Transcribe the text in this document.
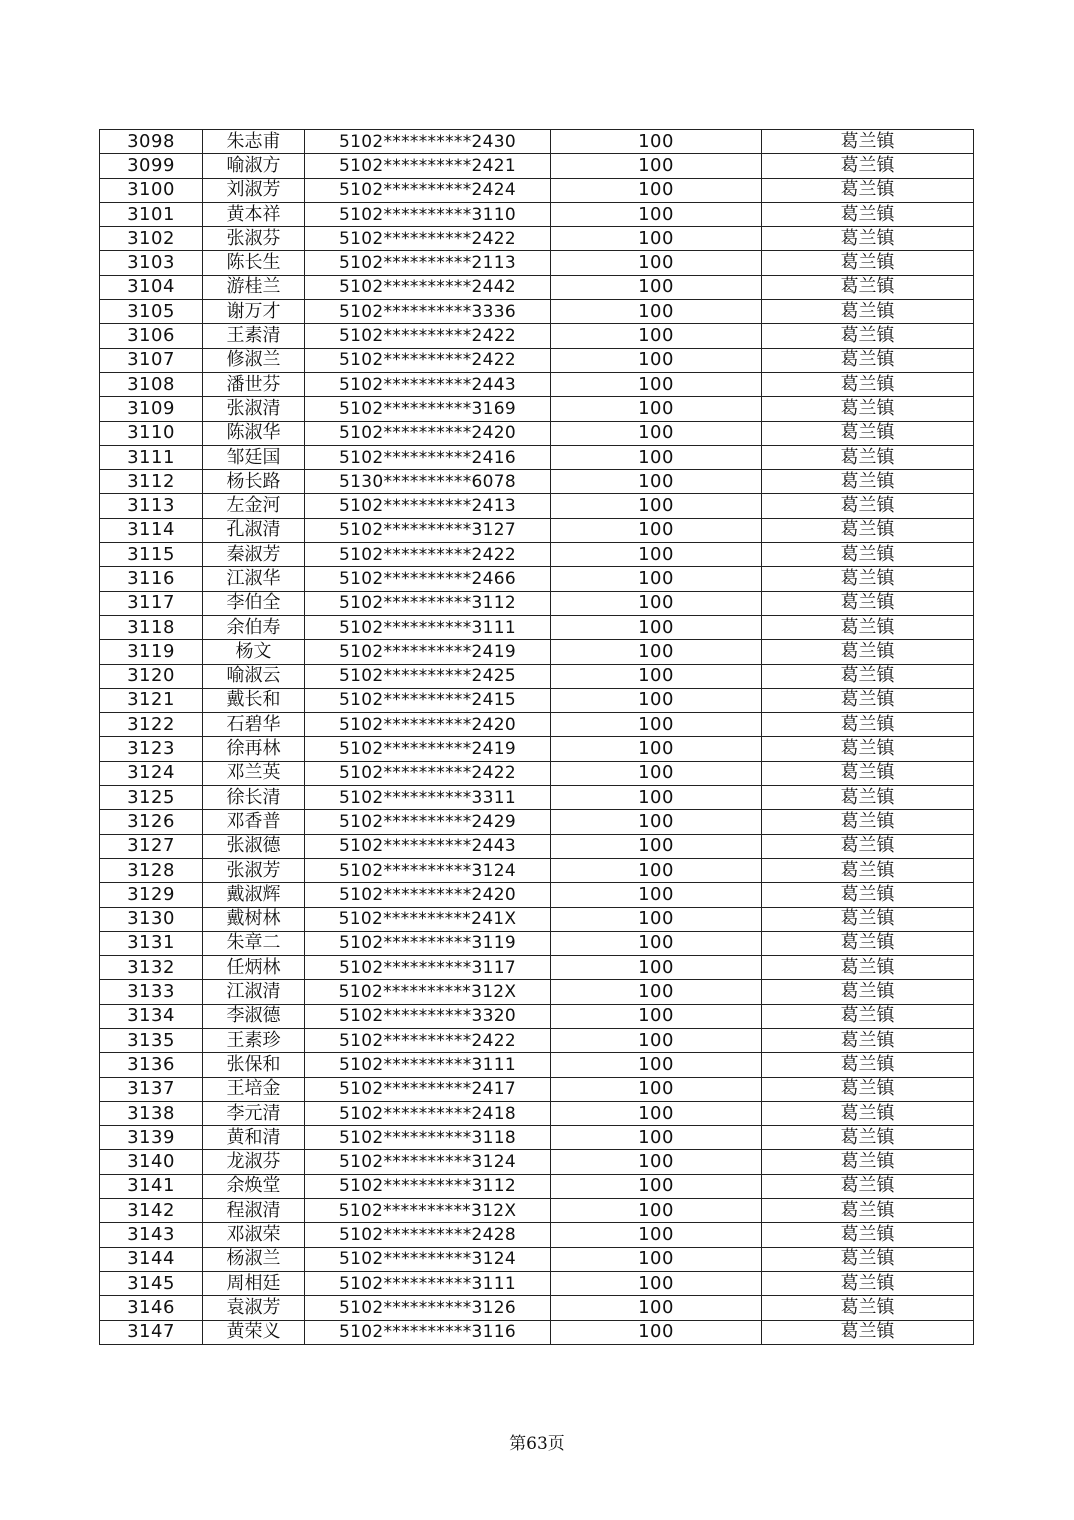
3098	朱志甫	5102**********2430	100	葛兰镇
3099	喻淑方	5102**********2421	100	葛兰镇
3100	刘淑芳	5102**********2424	100	葛兰镇
3101	黄本祥	5102**********3110	100	葛兰镇
3102	张淑芬	5102**********2422	100	葛兰镇
3103	陈长生	5102**********2113	100	葛兰镇
3104	游桂兰	5102**********2442	100	葛兰镇
3105	谢万才	5102**********3336	100	葛兰镇
3106	王素清	5102**********2422	100	葛兰镇
3107	修淑兰	5102**********2422	100	葛兰镇
3108	潘世芬	5102**********2443	100	葛兰镇
3109	张淑清	5102**********3169	100	葛兰镇
3110	陈淑华	5102**********2420	100	葛兰镇
3111	邹廷国	5102**********2416	100	葛兰镇
3112	杨长路	5130**********6078	100	葛兰镇
3113	左金河	5102**********2413	100	葛兰镇
3114	孔淑清	5102**********3127	100	葛兰镇
3115	秦淑芳	5102**********2422	100	葛兰镇
3116	江淑华	5102**********2466	100	葛兰镇
3117	李伯全	5102**********3112	100	葛兰镇
3118	余伯寿	5102**********3111	100	葛兰镇
3119	杨文	5102**********2419	100	葛兰镇
3120	喻淑云	5102**********2425	100	葛兰镇
3121	戴长和	5102**********2415	100	葛兰镇
3122	石碧华	5102**********2420	100	葛兰镇
3123	徐再林	5102**********2419	100	葛兰镇
3124	邓兰英	5102**********2422	100	葛兰镇
3125	徐长清	5102**********3311	100	葛兰镇
3126	邓香普	5102**********2429	100	葛兰镇
3127	张淑德	5102**********2443	100	葛兰镇
3128	张淑芳	5102**********3124	100	葛兰镇
3129	戴淑辉	5102**********2420	100	葛兰镇
3130	戴树林	5102**********241X	100	葛兰镇
3131	朱章二	5102**********3119	100	葛兰镇
3132	任炳林	5102**********3117	100	葛兰镇
3133	江淑清	5102**********312X	100	葛兰镇
3134	李淑德	5102**********3320	100	葛兰镇
3135	王素珍	5102**********2422	100	葛兰镇
3136	张保和	5102**********3111	100	葛兰镇
3137	王培金	5102**********2417	100	葛兰镇
3138	李元清	5102**********2418	100	葛兰镇
3139	黄和清	5102**********3118	100	葛兰镇
3140	龙淑芬	5102**********3124	100	葛兰镇
3141	余焕堂	5102**********3112	100	葛兰镇
3142	程淑清	5102**********312X	100	葛兰镇
3143	邓淑荣	5102**********2428	100	葛兰镇
3144	杨淑兰	5102**********3124	100	葛兰镇
3145	周相廷	5102**********3111	100	葛兰镇
3146	袁淑芳	5102**********3126	100	葛兰镇
3147	黄荣义	5102**********3116	100	葛兰镇
第63页
